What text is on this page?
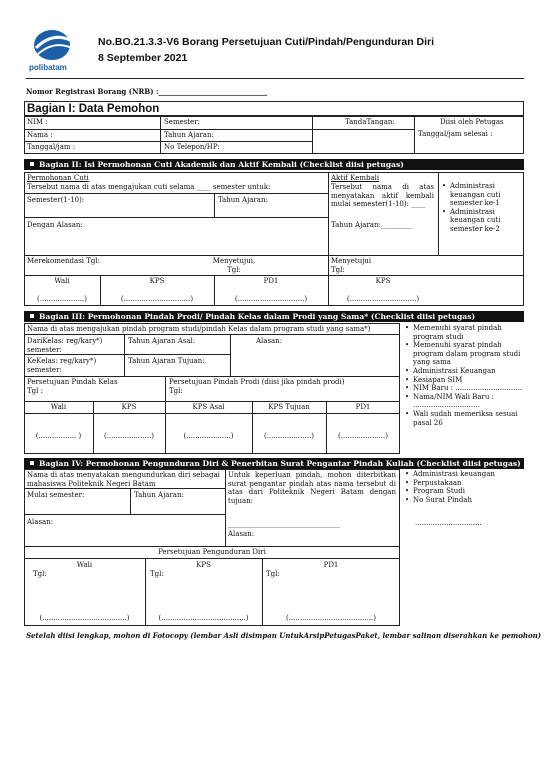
polibatam
No.BO.21.3.3-V6 Borang Persetujuan Cuti/Pindah/Pengunduran Diri
8 September 2021
Nomor Registrasi Borang (NRB) :_______________________________
Bagian I: Data Pemohon
NIM :	Semester:	TandaTangan:	Diisi oleh Petugas
Nama :	Tahun Ajaran:	Tanggal/jam selesai :
Tanggal/jam :	No Telepon/HP:
Bagian II: Isi Permohonan Cuti Akademik dan Aktif Kembali (Checklist diisi petugas)
Permohonan Cuti
Tersebut nama di atas mengajukan cuti selama ____ semester untuk:
Semester(1-10):	Tahun Ajaran:
Dengan Alasan:
Aktif Kembali
Tersebut nama di atas menyatakan aktif kembali mulai semester(1-10): ____
Tahun Ajaran:_________
• Administrasi keuangan cuti semester ke-1
• Administrasi keuangan cuti semester ke-2
Merekomendasi Tgl:	Menyetujui,
Tgl:
Menyetujui
Tgl:
Wali	KPS	PD1	KPS
(....................)	(..............................)	(..............................)	(..............................)
Bagian III: Permohonan Pindah Prodi/ Pindah Kelas dalam Prodi yang Sama* (Checklist diisi petugas)
Nama di atas mengajukan pindah program studi/pindah Kelas dalam program studi yang sama*)
DariKelas: reg/kary*) semester:
Tahun Ajaran Asal:	Alasan:
KeKelas: reg/kary*) semester:
Tahun Ajaran Tujuan:
Persetujuan Pindah Kelas
Tgl :
Persetujuan Pindah Prodi (diisi jika pindah prodi)
Tgl:
Wali	KPS	KPS Asal	KPS Tujuan	PD1
(................. )	(....................)	(....................)	(....................)	(....................)
• Memenuhi syarat pindah program studi
• Memenuhi syarat pindah program dalam program studi yang sama
• Administrasi Keuangan
• Kesiapan SIM
• NIM Baru : ..............................
• Nama/NIM Wali Baru : ..............................
• Wali sudah memeriksa sesuai pasal 26
Bagian IV: Permohonan Pengunduran Diri & Penerbitan Surat Pengantar Pindah Kuliah (Checklist diisi petugas)
Nama di atas menyatakan mengundurkan diri sebagai mahasiswa Politeknik Negeri Batam
Mulai semester:	Tahun Ajaran:
Alasan:
Untuk keperluan pindah, mohon diterbitkan surat pengantar pindah atas nama tersebut di atas dari Politeknik Negeri Batam dengan tujuan:
________________________________
Alasan:
• Administrasi keuangan
• Perpustakaan
• Program Studi
• No Surat Pindah
..............................
Persetujuan Pengunduran Diri
Wali	KPS	PD1
Tgl:	Tgl:	Tgl:
(......................................)	(......................................)	(......................................)
Setelah diisi lengkap, mohon di Fotocopy (lembar Asli disimpan UntukArsipPetugasPaket, lembar salinan diserahkan ke pemohon)
